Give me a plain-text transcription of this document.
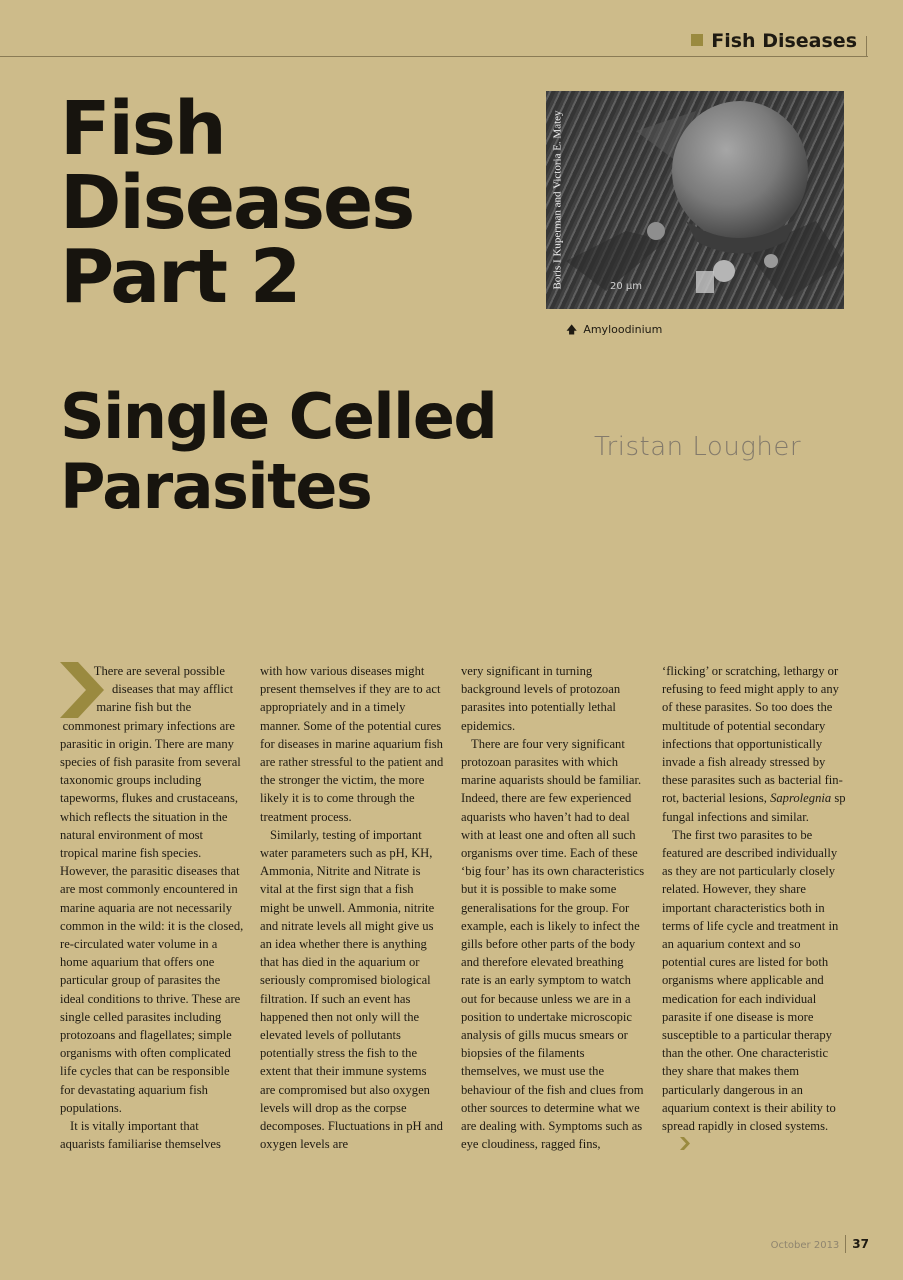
Fish Diseases
Fish
Diseases
Part 2	Boris I Kuperman and Victoria E. Matey	20 µm
🡅 Amyloodinium
Single Celled
Parasites
Tristan Lougher

There are several possible diseases that may afflict marine fish but the commonest primary infections are parasitic in origin. There are many species of fish parasite from several taxonomic groups including tapeworms, flukes and crustaceans, which reflects the situation in the natural environment of most tropical marine fish species. However, the parasitic diseases that are most commonly encountered in marine aquaria are not necessarily common in the wild: it is the closed, re-circulated water volume in a home aquarium that offers one particular group of parasites the ideal conditions to thrive. These are single celled parasites including protozoans and flagellates; simple organisms with often complicated life cycles that can be responsible for devastating aquarium fish populations.

It is vitally important that aquarists familiarise themselves

with how various diseases might present themselves if they are to act appropriately and in a timely manner. Some of the potential cures for diseases in marine aquarium fish are rather stressful to the patient and the stronger the victim, the more likely it is to come through the treatment process.

Similarly, testing of important water parameters such as pH, KH, Ammonia, Nitrite and Nitrate is vital at the first sign that a fish might be unwell. Ammonia, nitrite and nitrate levels all might give us an idea whether there is anything that has died in the aquarium or seriously compromised biological filtration. If such an event has happened then not only will the elevated levels of pollutants potentially stress the fish to the extent that their immune systems are compromised but also oxygen levels will drop as the corpse decomposes. Fluctuations in pH and oxygen levels are

very significant in turning background levels of protozoan parasites into potentially lethal epidemics.

There are four very significant protozoan parasites with which marine aquarists should be familiar. Indeed, there are few experienced aquarists who haven’t had to deal with at least one and often all such organisms over time. Each of these ‘big four’ has its own characteristics but it is possible to make some generalisations for the group. For example, each is likely to infect the gills before other parts of the body and therefore elevated breathing rate is an early symptom to watch out for because unless we are in a position to undertake microscopic analysis of gills mucus smears or biopsies of the filaments themselves, we must use the behaviour of the fish and clues from other sources to determine what we are dealing with. Symptoms such as eye cloudiness, ragged fins,

‘flicking’ or scratching, lethargy or refusing to feed might apply to any of these parasites. So too does the multitude of potential secondary infections that opportunistically invade a fish already stressed by these parasites such as bacterial fin-rot, bacterial lesions, Saprolegnia sp fungal infections and similar.

The first two parasites to be featured are described individually as they are not particularly closely related. However, they share important characteristics both in terms of life cycle and treatment in an aquarium context and so potential cures are listed for both organisms where applicable and medication for each individual parasite if one disease is more susceptible to a particular therapy than the other. One characteristic they share that makes them particularly dangerous in an aquarium context is their ability to spread rapidly in closed systems.

October 2013 37
